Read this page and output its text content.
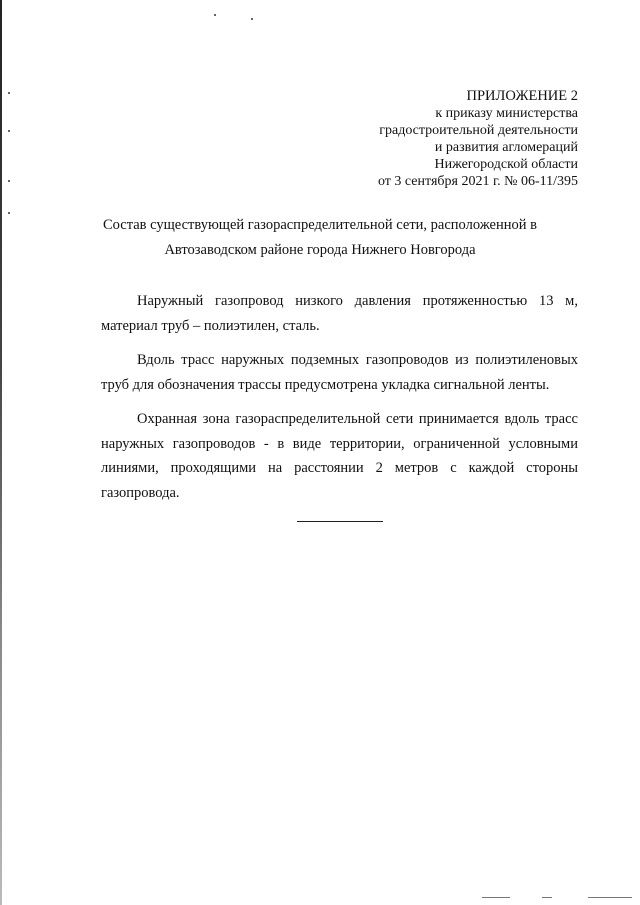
ПРИЛОЖЕНИЕ 2
к приказу министерства
градостроительной деятельности
и развития агломераций
Нижегородской области
от 3 сентября 2021 г. № 06-11/395
Состав существующей газораспределительной сети, расположенной в
Автозаводском районе города Нижнего Новгорода

Наружный газопровод низкого давления протяженностью 13 м, материал труб – полиэтилен, сталь.

Вдоль трасс наружных подземных газопроводов из полиэтиленовых труб для обозначения трассы предусмотрена укладка сигнальной ленты.

Охранная зона газораспределительной сети принимается вдоль трасс наружных газопроводов - в виде территории, ограниченной условными линиями, проходящими на расстоянии 2 метров с каждой стороны газопровода.
